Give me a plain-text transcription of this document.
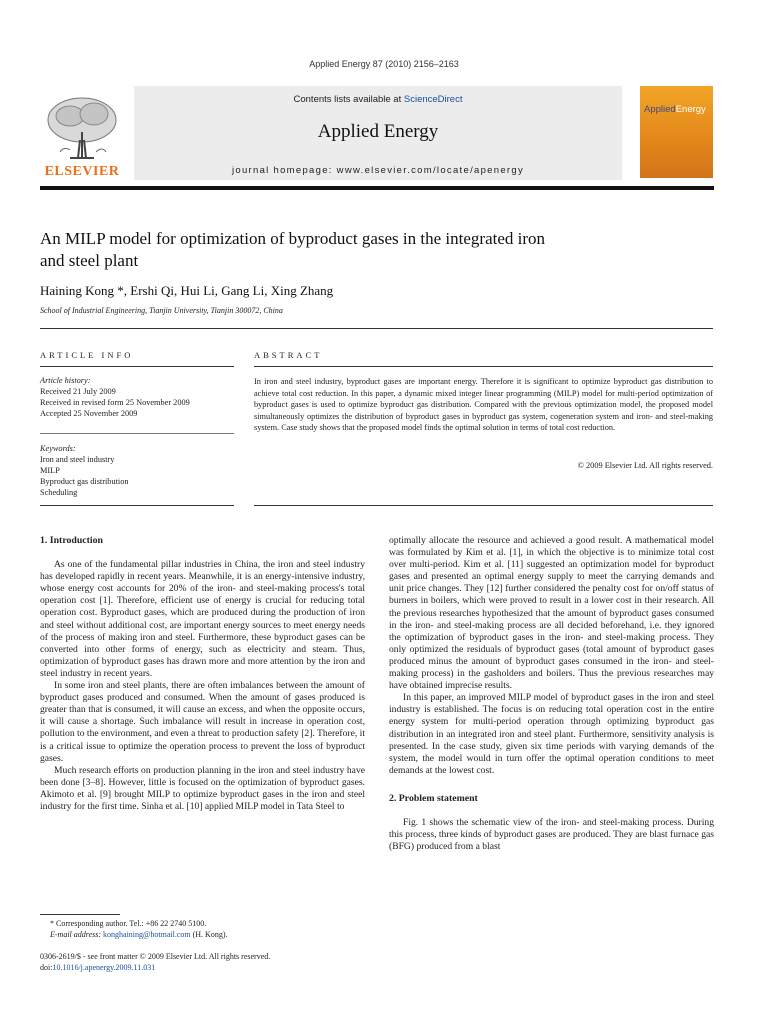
Applied Energy 87 (2010) 2156–2163
Contents lists available at ScienceDirect
Applied Energy
journal homepage: www.elsevier.com/locate/apenergy
ELSEVIER
AppliedEnergy
An MILP model for optimization of byproduct gases in the integrated iron
and steel plant
Haining Kong *, Ershi Qi, Hui Li, Gang Li, Xing Zhang
School of Industrial Engineering, Tianjin University, Tianjin 300072, China
ARTICLE INFO
Article history:
Received 21 July 2009
Received in revised form 25 November 2009
Accepted 25 November 2009
Keywords:
Iron and steel industry
MILP
Byproduct gas distribution
Scheduling
ABSTRACT
In iron and steel industry, byproduct gases are important energy. Therefore it is significant to optimize byproduct gas distribution to achieve total cost reduction. In this paper, a dynamic mixed integer linear programming (MILP) model for multi-period optimization of byproduct gases is used to optimize byproduct gas distribution. Compared with the previous optimization model, the proposed model simultaneously optimizes the distribution of byproduct gases in byproduct gas system, cogeneration system and iron- and steel-making system. Case study shows that the proposed model finds the optimal solution in terms of total cost reduction.
© 2009 Elsevier Ltd. All rights reserved.
1. Introduction

As one of the fundamental pillar industries in China, the iron and steel industry has developed rapidly in recent years. Meanwhile, it is an energy-intensive industry, whose energy cost accounts for 20% of the iron- and steel-making process's total operation cost [1]. Therefore, efficient use of energy is crucial for reducing total operation cost. Byproduct gases, which are produced during the production of iron and steel without additional cost, are important energy sources to meet energy needs of the process of making iron and steel. Furthermore, these byproduct gases can be converted into other forms of energy, such as electricity and steam. Thus, optimization of byproduct gases has drawn more and more attention by the iron and steel industry in recent years.

In some iron and steel plants, there are often imbalances between the amount of byproduct gases produced and consumed. When the amount of gases produced is greater than that is consumed, it will cause an excess, and when the opposite occurs, it will cause a shortage. Such imbalance will result in increase in operation cost, pollution to the environment, and even a threat to production safety [2]. Therefore, it is a critical issue to optimize the operation process to prevent the loss of byproduct gases.

Much research efforts on production planning in the iron and steel industry have been done [3–8]. However, little is focused on the optimization of byproduct gases. Akimoto et al. [9] brought MILP to optimize byproduct gases in the iron and steel industry for the first time. Sinha et al. [10] applied MILP model in Tata Steel to

* Corresponding author. Tel.: +86 22 2740 5100.
E-mail address: konghaining@hotmail.com (H. Kong).
0306-2619/$ - see front matter © 2009 Elsevier Ltd. All rights reserved.
doi:10.1016/j.apenergy.2009.11.031

optimally allocate the resource and achieved a good result. A mathematical model was formulated by Kim et al. [1], in which the objective is to minimize total cost over multi-period. Kim et al. [11] suggested an optimization model for byproduct gases and presented an optimal energy supply to meet the carrying demands and unit price changes. They [12] further considered the penalty cost for on/off status of burners in boilers, which were proved to result in a lower cost in their research. All the previous researches hypothesized that the amount of byproduct gases consumed in the iron- and steel-making process are all decided beforehand, i.e. they ignored the optimization of byproduct gases in the iron- and steel-making process. They only optimized the residuals of byproduct gases (total amount of byproduct gases produced minus the amount of byproduct gases consumed in the iron- and steel-making process) in the gasholders and boilers. Thus the previous researches may have obtained imprecise results.

In this paper, an improved MILP model of byproduct gases in the iron and steel industry is established. The focus is on reducing total operation cost in the entire energy system for multi-period operation through optimizing byproduct gas distribution in an integrated iron and steel plant. Furthermore, sensitivity analysis is presented. In the case study, given six time periods with varying demands of the system, the model would in turn offer the optimal operation conditions to meet demands at the lowest cost.

2. Problem statement

Fig. 1 shows the schematic view of the iron- and steel-making process. During this process, three kinds of byproduct gases are produced. They are blast furnace gas (BFG) produced from a blast
